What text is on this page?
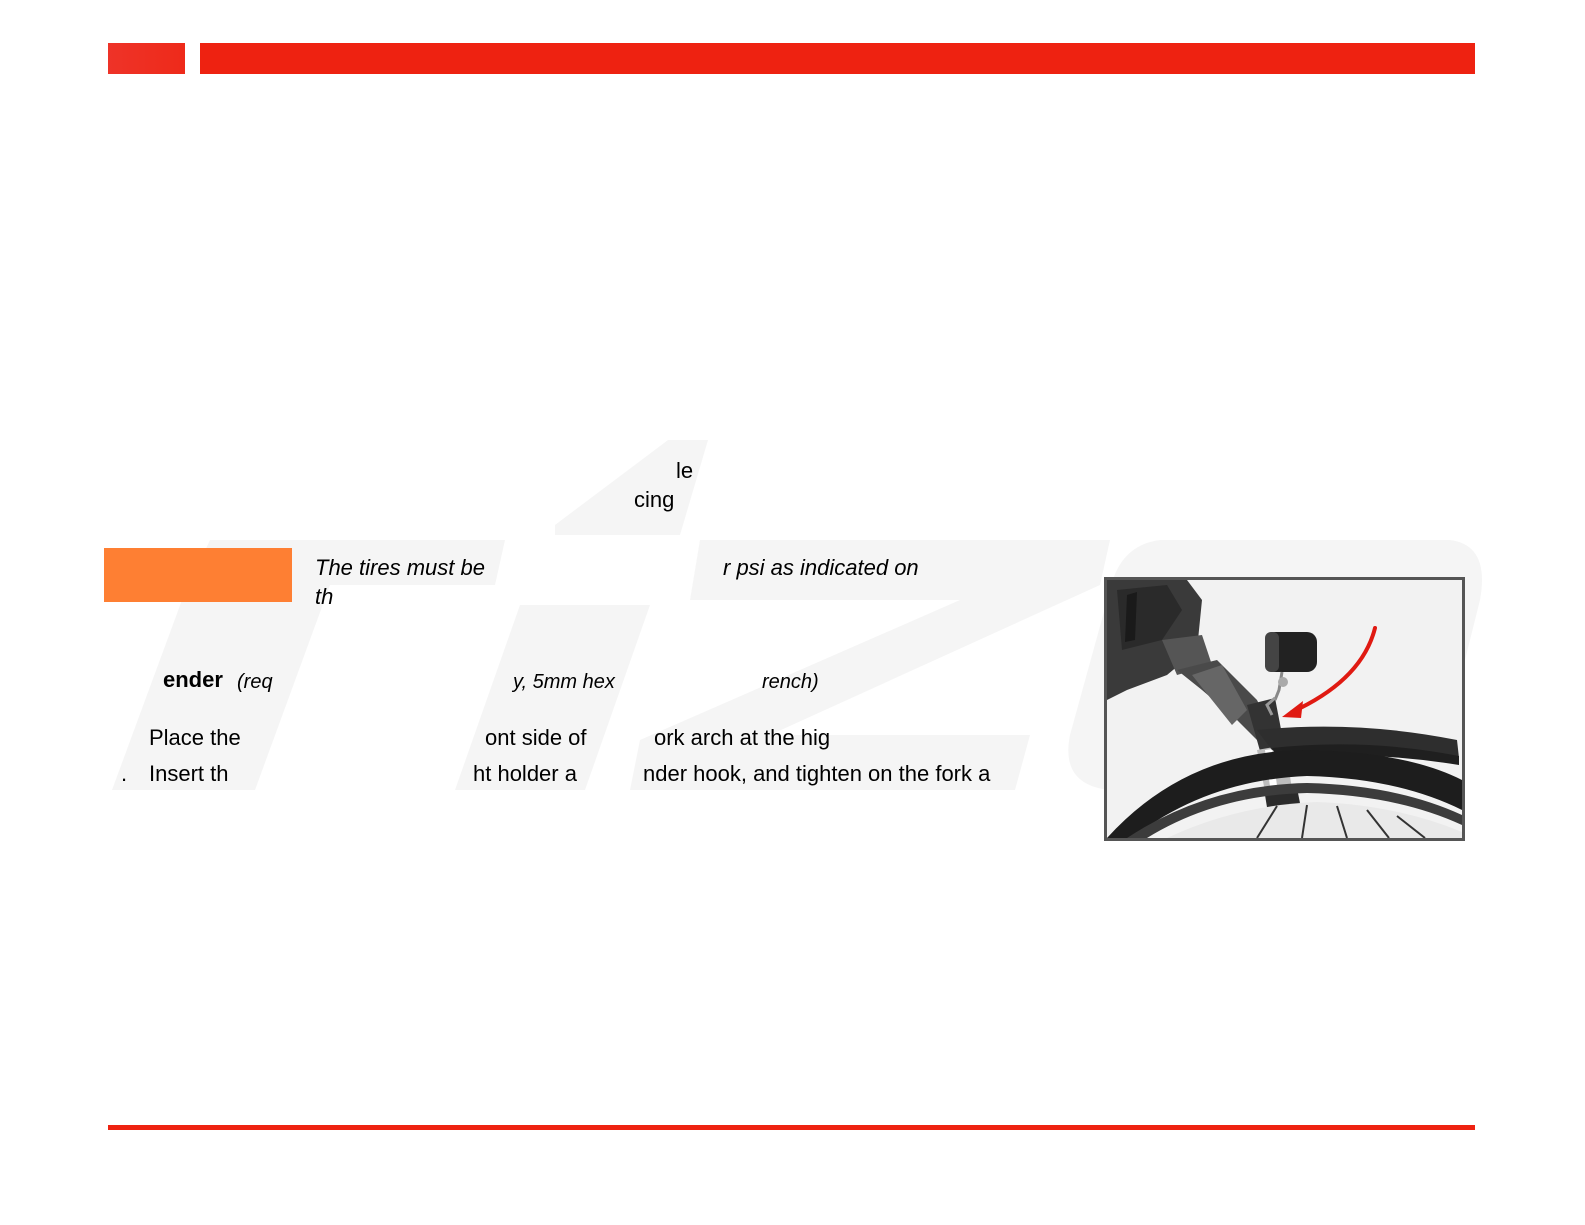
le
cing
The tires must be	r psi as indicated on
th
ender (req	y, 5mm hex	rench)
Place the	ont side of	ork arch at the hig
. Insert th	ht holder a	nder hook, and tighten on the fork a
